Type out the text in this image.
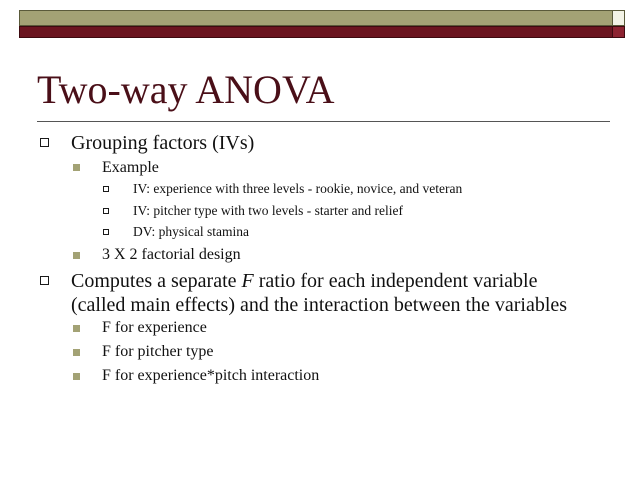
Two-way ANOVA
Grouping factors (IVs)
Example
IV: experience with three levels - rookie, novice, and veteran
IV: pitcher type with two levels - starter and relief
DV: physical stamina
3 X 2 factorial design
Computes a separate F ratio for each independent variable
(called main effects) and the interaction between the variables
F for experience
F for pitcher type
F for experience*pitch interaction
